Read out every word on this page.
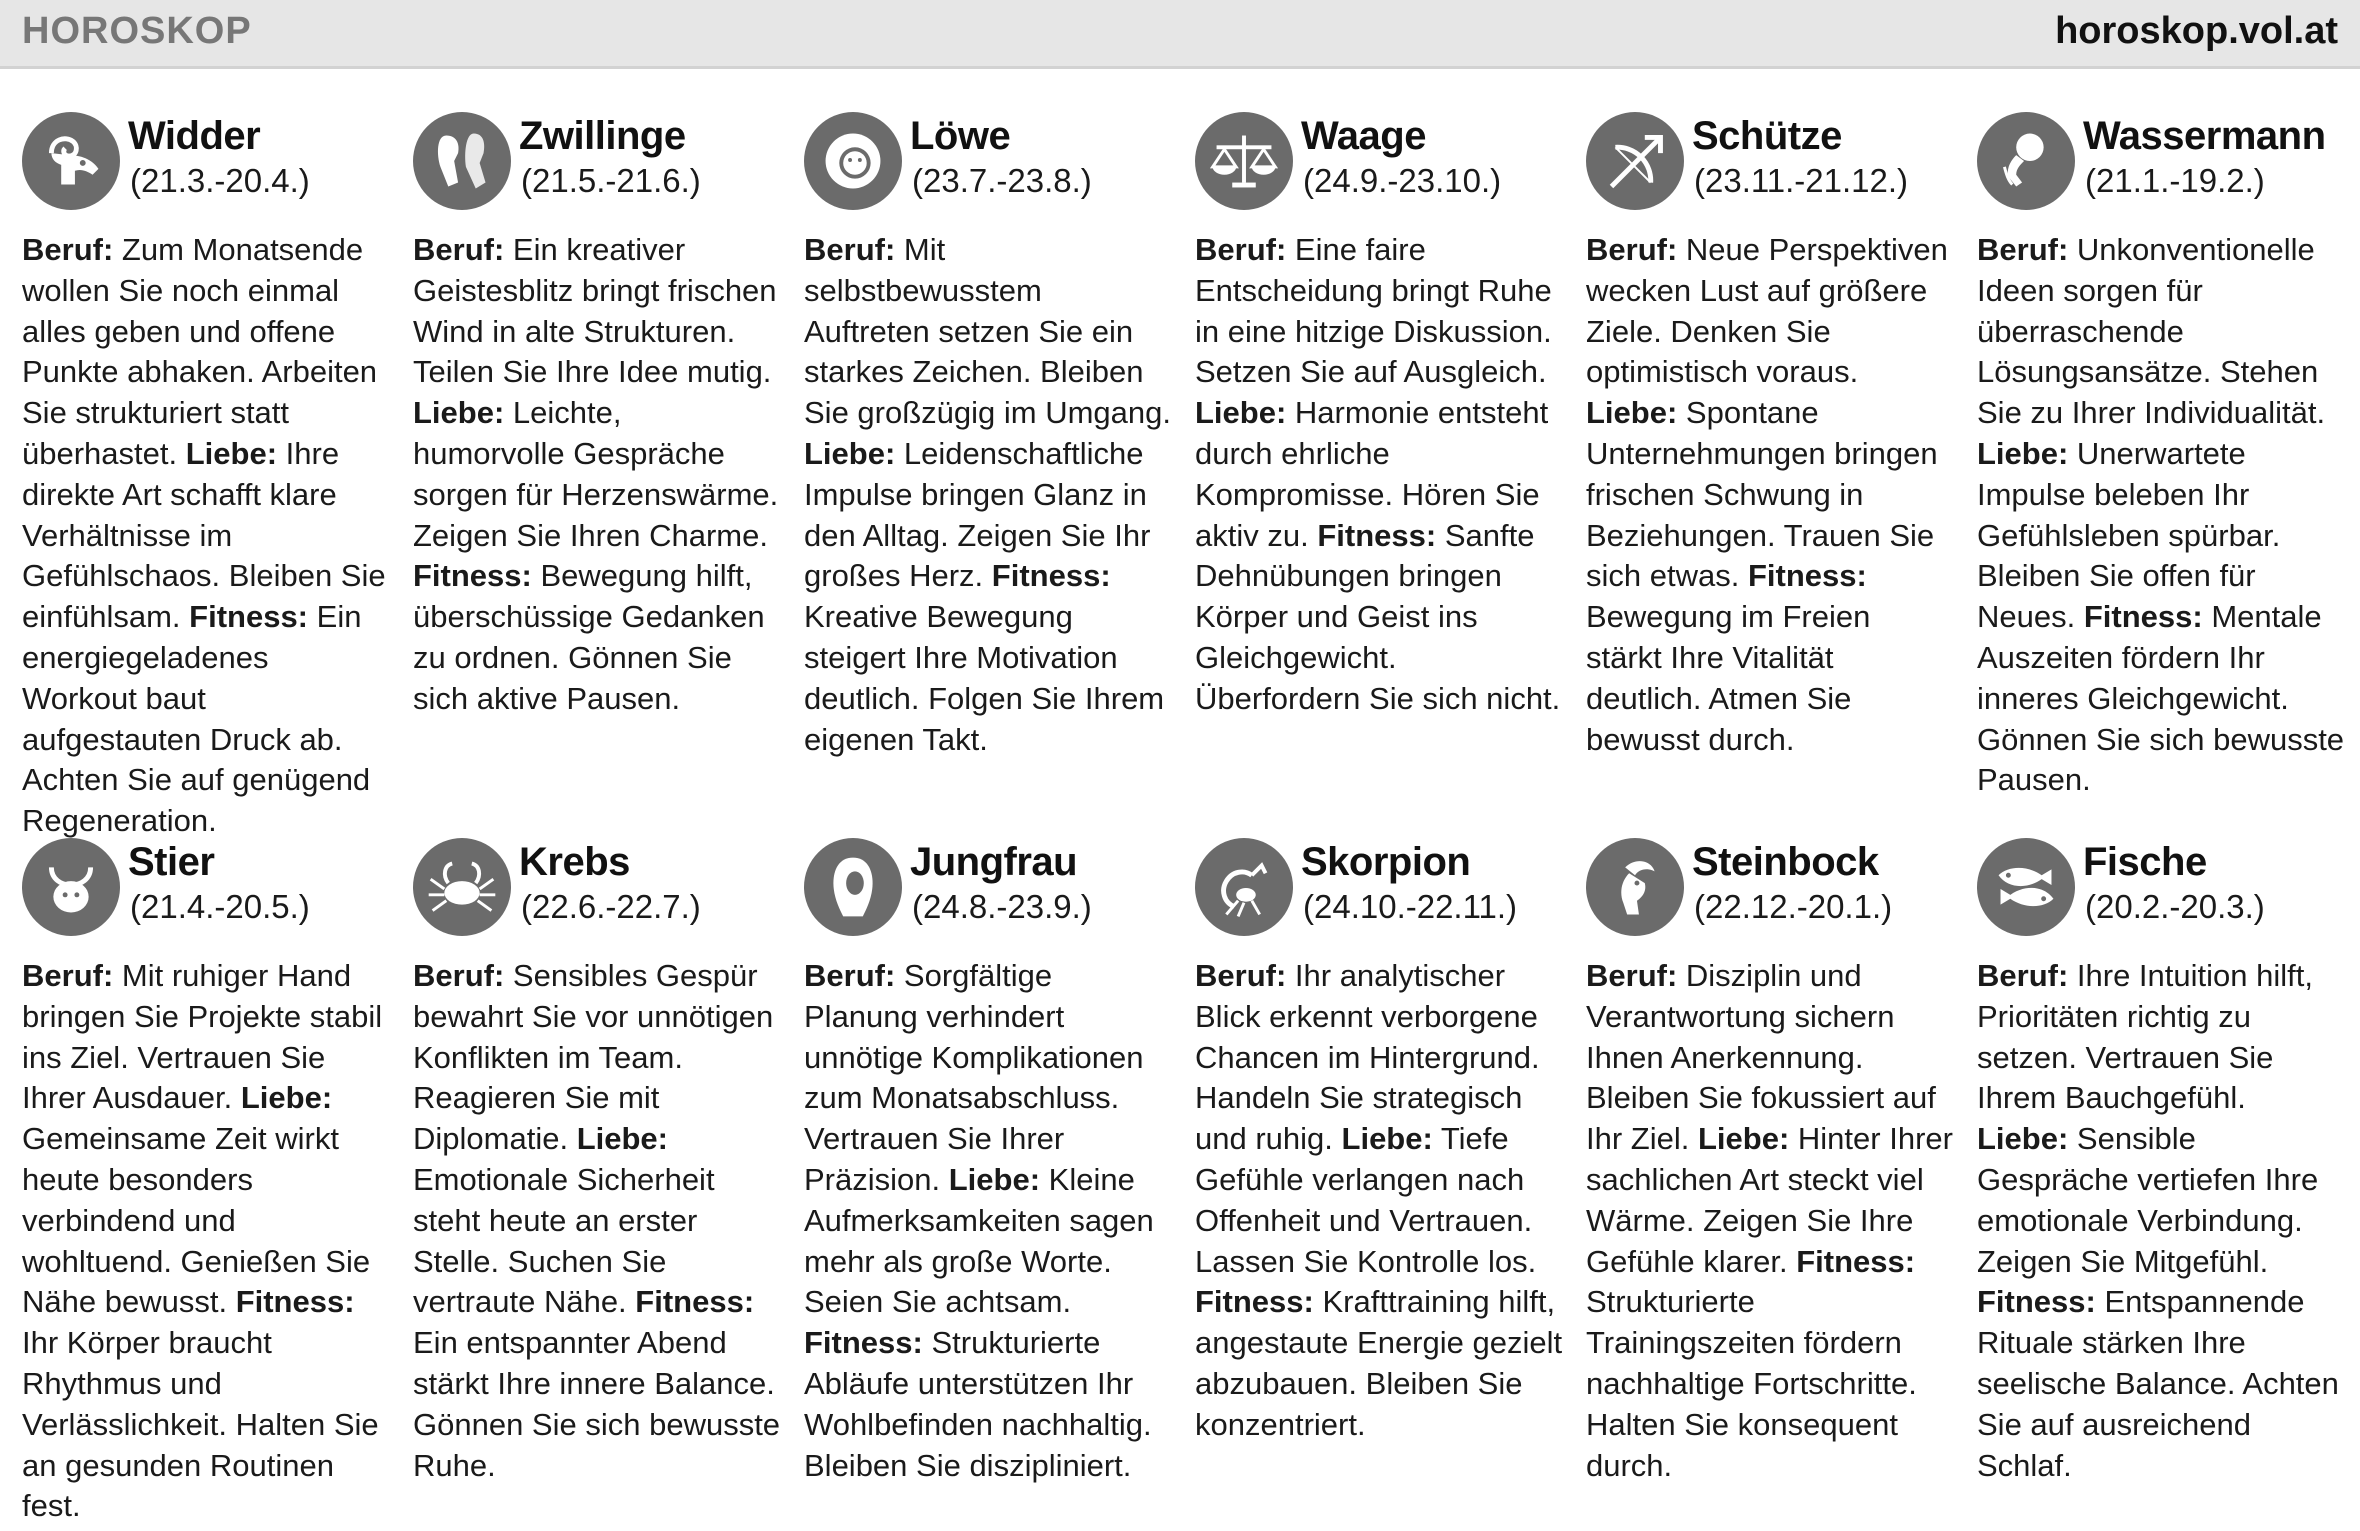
HOROSKOP	horoskop.vol.at
Widder
(21.3.-20.4.)
Beruf: Zum Monatsende wollen Sie noch einmal alles geben und offene Punkte abhaken. Arbeiten Sie strukturiert statt überhastet. Liebe: Ihre direkte Art schafft klare Verhältnisse im Gefühlschaos. Bleiben Sie einfühlsam. Fitness: Ein energiegeladenes Workout baut aufgestauten Druck ab. Achten Sie auf genügend Regeneration.
Zwillinge
(21.5.-21.6.)
Beruf: Ein kreativer Geistesblitz bringt frischen Wind in alte Strukturen. Teilen Sie Ihre Idee mutig. Liebe: Leichte, humorvolle Gespräche sorgen für Herzenswärme. Zeigen Sie Ihren Charme. Fitness: Bewegung hilft, überschüssige Gedanken zu ordnen. Gönnen Sie sich aktive Pausen.
Löwe
(23.7.-23.8.)
Beruf: Mit selbstbewusstem Auftreten setzen Sie ein starkes Zeichen. Bleiben Sie großzügig im Umgang. Liebe: Leidenschaftliche Impulse bringen Glanz in den Alltag. Zeigen Sie Ihr großes Herz. Fitness: Kreative Bewegung steigert Ihre Motivation deutlich. Folgen Sie Ihrem eigenen Takt.
Waage
(24.9.-23.10.)
Beruf: Eine faire Entscheidung bringt Ruhe in eine hitzige Diskussion. Setzen Sie auf Ausgleich. Liebe: Harmonie entsteht durch ehrliche Kompromisse. Hören Sie aktiv zu. Fitness: Sanfte Dehnübungen bringen Körper und Geist ins Gleichgewicht. Überfordern Sie sich nicht.
Schütze
(23.11.-21.12.)
Beruf: Neue Perspektiven wecken Lust auf größere Ziele. Denken Sie optimistisch voraus. Liebe: Spontane Unternehmungen bringen frischen Schwung in Beziehungen. Trauen Sie sich etwas. Fitness: Bewegung im Freien stärkt Ihre Vitalität deutlich. Atmen Sie bewusst durch.
Wassermann
(21.1.-19.2.)
Beruf: Unkonventionelle Ideen sorgen für überraschende Lösungsansätze. Stehen Sie zu Ihrer Individualität. Liebe: Unerwartete Impulse beleben Ihr Gefühlsleben spürbar. Bleiben Sie offen für Neues. Fitness: Mentale Auszeiten fördern Ihr inneres Gleichgewicht. Gönnen Sie sich bewusste Pausen.
Stier
(21.4.-20.5.)
Beruf: Mit ruhiger Hand bringen Sie Projekte stabil ins Ziel. Vertrauen Sie Ihrer Ausdauer. Liebe: Gemeinsame Zeit wirkt heute besonders verbindend und wohltuend. Genießen Sie Nähe bewusst. Fitness: Ihr Körper braucht Rhythmus und Verlässlichkeit. Halten Sie an gesunden Routinen fest.
Krebs
(22.6.-22.7.)
Beruf: Sensibles Gespür bewahrt Sie vor unnötigen Konflikten im Team. Reagieren Sie mit Diplomatie. Liebe: Emotionale Sicherheit steht heute an erster Stelle. Suchen Sie vertraute Nähe. Fitness: Ein entspannter Abend stärkt Ihre innere Balance. Gönnen Sie sich bewusste Ruhe.
Jungfrau
(24.8.-23.9.)
Beruf: Sorgfältige Planung verhindert unnötige Komplikationen zum Monatsabschluss. Vertrauen Sie Ihrer Präzision. Liebe: Kleine Aufmerksamkeiten sagen mehr als große Worte. Seien Sie achtsam. Fitness: Strukturierte Abläufe unterstützen Ihr Wohlbefinden nachhaltig. Bleiben Sie diszipliniert.
Skorpion
(24.10.-22.11.)
Beruf: Ihr analytischer Blick erkennt verborgene Chancen im Hintergrund. Handeln Sie strategisch und ruhig. Liebe: Tiefe Gefühle verlangen nach Offenheit und Vertrauen. Lassen Sie Kontrolle los. Fitness: Krafttraining hilft, angestaute Energie gezielt abzubauen. Bleiben Sie konzentriert.
Steinbock
(22.12.-20.1.)
Beruf: Disziplin und Verantwortung sichern Ihnen Anerkennung. Bleiben Sie fokussiert auf Ihr Ziel. Liebe: Hinter Ihrer sachlichen Art steckt viel Wärme. Zeigen Sie Ihre Gefühle klarer. Fitness: Strukturierte Trainingszeiten fördern nachhaltige Fortschritte. Halten Sie konsequent durch.
Fische
(20.2.-20.3.)
Beruf: Ihre Intuition hilft, Prioritäten richtig zu setzen. Vertrauen Sie Ihrem Bauchgefühl. Liebe: Sensible Gespräche vertiefen Ihre emotionale Verbindung. Zeigen Sie Mitgefühl. Fitness: Entspannende Rituale stärken Ihre seelische Balance. Achten Sie auf ausreichend Schlaf.
